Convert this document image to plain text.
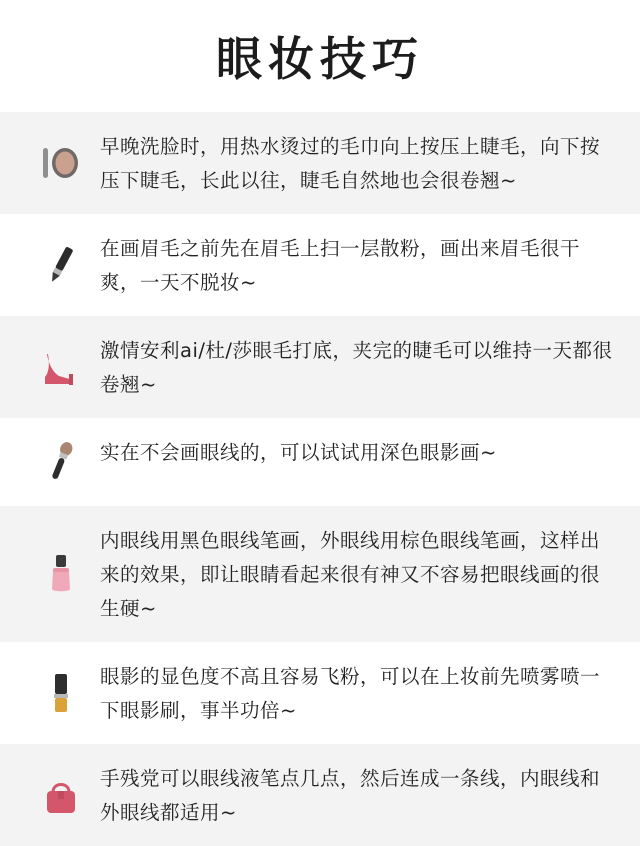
眼妆技巧
早晚洗脸时，用热水烫过的毛巾向上按压上睫毛，向下按压下睫毛，长此以往，睫毛自然地也会很卷翘~
在画眉毛之前先在眉毛上扫一层散粉，画出来眉毛很干爽，一天不脱妆~
激情安利ai/杜/莎眼毛打底，夹完的睫毛可以维持一天都很卷翘~
实在不会画眼线的，可以试试用深色眼影画~
内眼线用黑色眼线笔画，外眼线用棕色眼线笔画，这样出来的效果，即让眼睛看起来很有神又不容易把眼线画的很生硬~
眼影的显色度不高且容易飞粉，可以在上妆前先喷雾喷一下眼影刷，事半功倍~
手残党可以眼线液笔点几点，然后连成一条线，内眼线和外眼线都适用~
